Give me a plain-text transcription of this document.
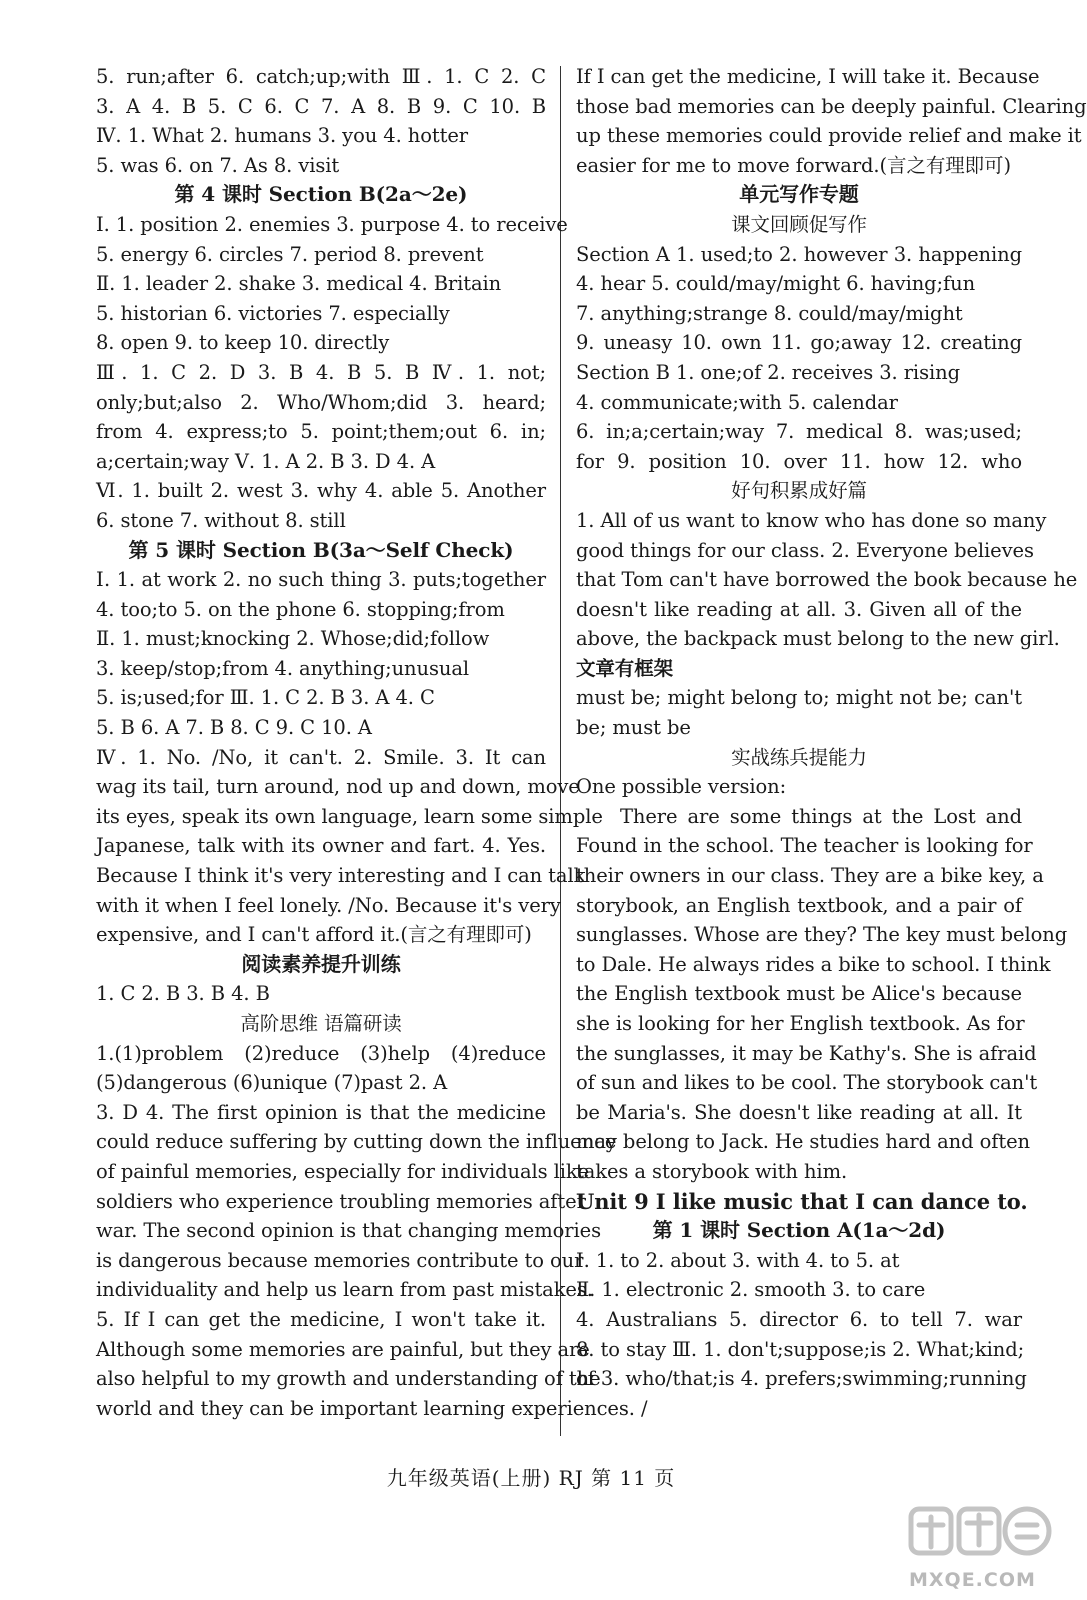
5. run;after 6. catch;up;with Ⅲ. 1. C 2. C
3. A 4. B 5. C 6. C 7. A 8. B 9. C 10. B
Ⅳ. 1. What 2. humans 3. you 4. hotter
5. was 6. on 7. As 8. visit
第 4 课时 Section B(2a～2e)
Ⅰ. 1. position 2. enemies 3. purpose 4. to receive
5. energy 6. circles 7. period 8. prevent
Ⅱ. 1. leader 2. shake 3. medical 4. Britain
5. historian 6. victories 7. especially
8. open 9. to keep 10. directly
Ⅲ. 1. C 2. D 3. B 4. B 5. B Ⅳ. 1. not;
only;but;also 2. Who/Whom;did 3. heard;
from 4. express;to 5. point;them;out 6. in;
a;certain;way Ⅴ. 1. A 2. B 3. D 4. A
Ⅵ. 1. built 2. west 3. why 4. able 5. Another
6. stone 7. without 8. still
第 5 课时 Section B(3a～Self Check)
Ⅰ. 1. at work 2. no such thing 3. puts;together
4. too;to 5. on the phone 6. stopping;from
Ⅱ. 1. must;knocking 2. Whose;did;follow
3. keep/stop;from 4. anything;unusual
5. is;used;for Ⅲ. 1. C 2. B 3. A 4. C
5. B 6. A 7. B 8. C 9. C 10. A
Ⅳ. 1. No. /No, it can't. 2. Smile. 3. It can
wag its tail, turn around, nod up and down, move
its eyes, speak its own language, learn some simple
Japanese, talk with its owner and fart. 4. Yes.
Because I think it's very interesting and I can talk
with it when I feel lonely. /No. Because it's very
expensive, and I can't afford it.(言之有理即可)
阅读素养提升训练
1. C 2. B 3. B 4. B
高阶思维 语篇研读
1.(1)problem (2)reduce (3)help (4)reduce
(5)dangerous (6)unique (7)past 2. A
3. D 4. The first opinion is that the medicine
could reduce suffering by cutting down the influence
of painful memories, especially for individuals like
soldiers who experience troubling memories after
war. The second opinion is that changing memories
is dangerous because memories contribute to our
individuality and help us learn from past mistakes.
5. If I can get the medicine, I won't take it.
Although some memories are painful, but they are
also helpful to my growth and understanding of the
world and they can be important learning experiences. /
If I can get the medicine, I will take it. Because
those bad memories can be deeply painful. Clearing
up these memories could provide relief and make it
easier for me to move forward.(言之有理即可)
单元写作专题
课文回顾促写作
Section A 1. used;to 2. however 3. happening
4. hear 5. could/may/might 6. having;fun
7. anything;strange 8. could/may/might
9. uneasy 10. own 11. go;away 12. creating
Section B 1. one;of 2. receives 3. rising
4. communicate;with 5. calendar
6. in;a;certain;way 7. medical 8. was;used;
for 9. position 10. over 11. how 12. who
好句积累成好篇
1. All of us want to know who has done so many
good things for our class. 2. Everyone believes
that Tom can't have borrowed the book because he
doesn't like reading at all. 3. Given all of the
above, the backpack must belong to the new girl.
文章有框架
must be; might belong to; might not be; can't
be; must be
实战练兵提能力
One possible version:
There are some things at the Lost and
Found in the school. The teacher is looking for
their owners in our class. They are a bike key, a
storybook, an English textbook, and a pair of
sunglasses. Whose are they? The key must belong
to Dale. He always rides a bike to school. I think
the English textbook must be Alice's because
she is looking for her English textbook. As for
the sunglasses, it may be Kathy's. She is afraid
of sun and likes to be cool. The storybook can't
be Maria's. She doesn't like reading at all. It
may belong to Jack. He studies hard and often
takes a storybook with him.
Unit 9 I like music that I can dance to.
第 1 课时 Section A(1a～2d)
Ⅰ. 1. to 2. about 3. with 4. to 5. at
Ⅱ. 1. electronic 2. smooth 3. to care
4. Australians 5. director 6. to tell 7. war
8. to stay Ⅲ. 1. don't;suppose;is 2. What;kind;
of 3. who/that;is 4. prefers;swimming;running
九年级英语(上册) RJ 第 11 页
MXQE.COM
